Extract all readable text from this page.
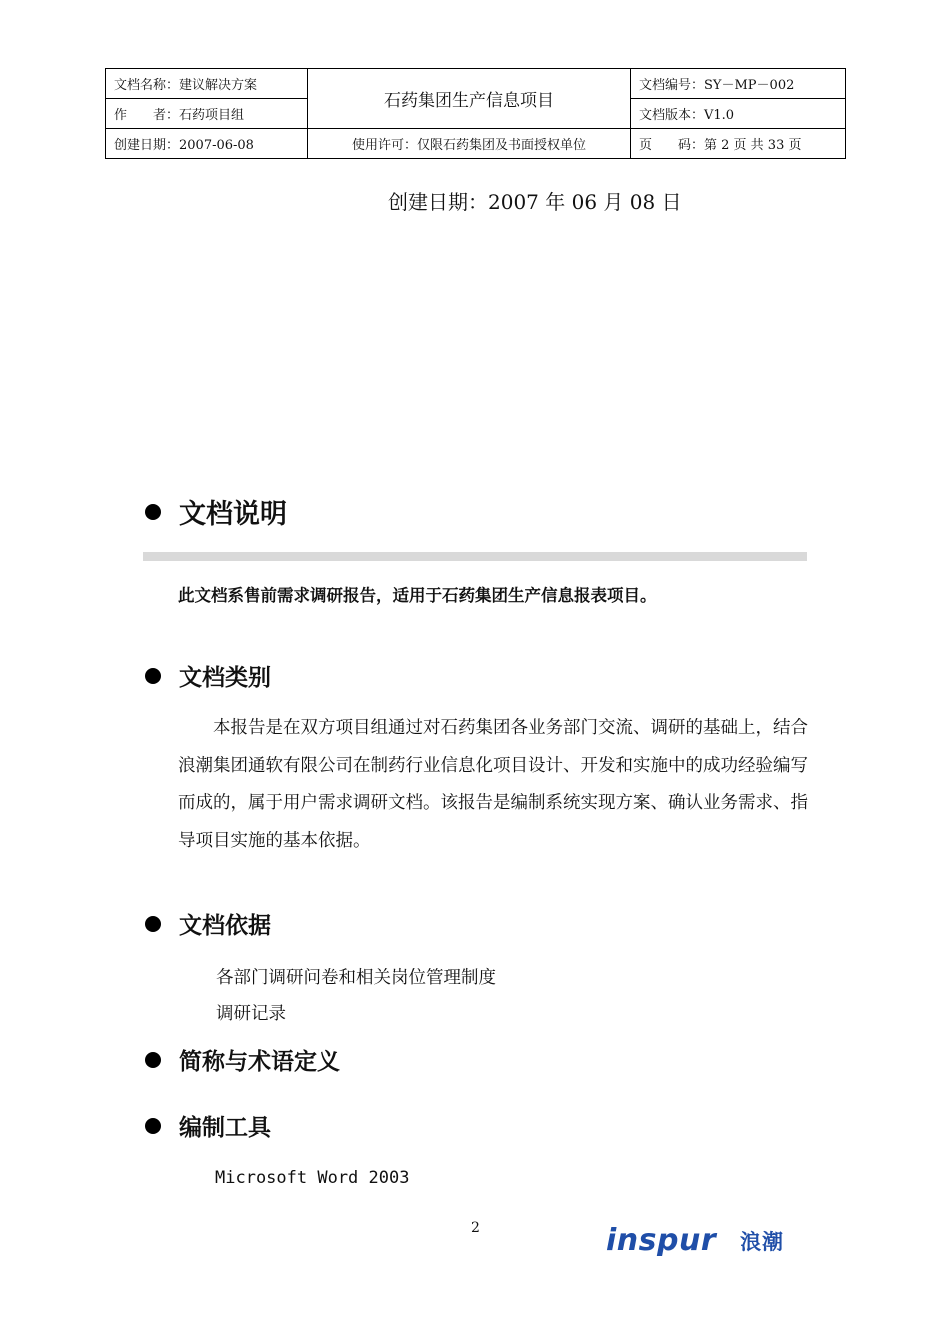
文档名称：建议解决方案	石药集团生产信息项目	文档编号：SY－MP－002
作　　者：石药项目组		文档版本：V1.0
创建日期：2007-06-08	使用许可：仅限石药集团及书面授权单位	页　　码：第 2 页 共 33 页
创建日期：2007 年 06 月 08 日
文档说明
此文档系售前需求调研报告，适用于石药集团生产信息报表项目。
文档类别

本报告是在双方项目组通过对石药集团各业务部门交流、调研的基础上，结合浪潮集团通软有限公司在制药行业信息化项目设计、开发和实施中的成功经验编写而成的，属于用户需求调研文档。该报告是编制系统实现方案、确认业务需求、指导项目实施的基本依据。

文档依据
各部门调研问卷和相关岗位管理制度
调研记录
简称与术语定义
编制工具
Microsoft Word 2003
2	inspur 浪潮
